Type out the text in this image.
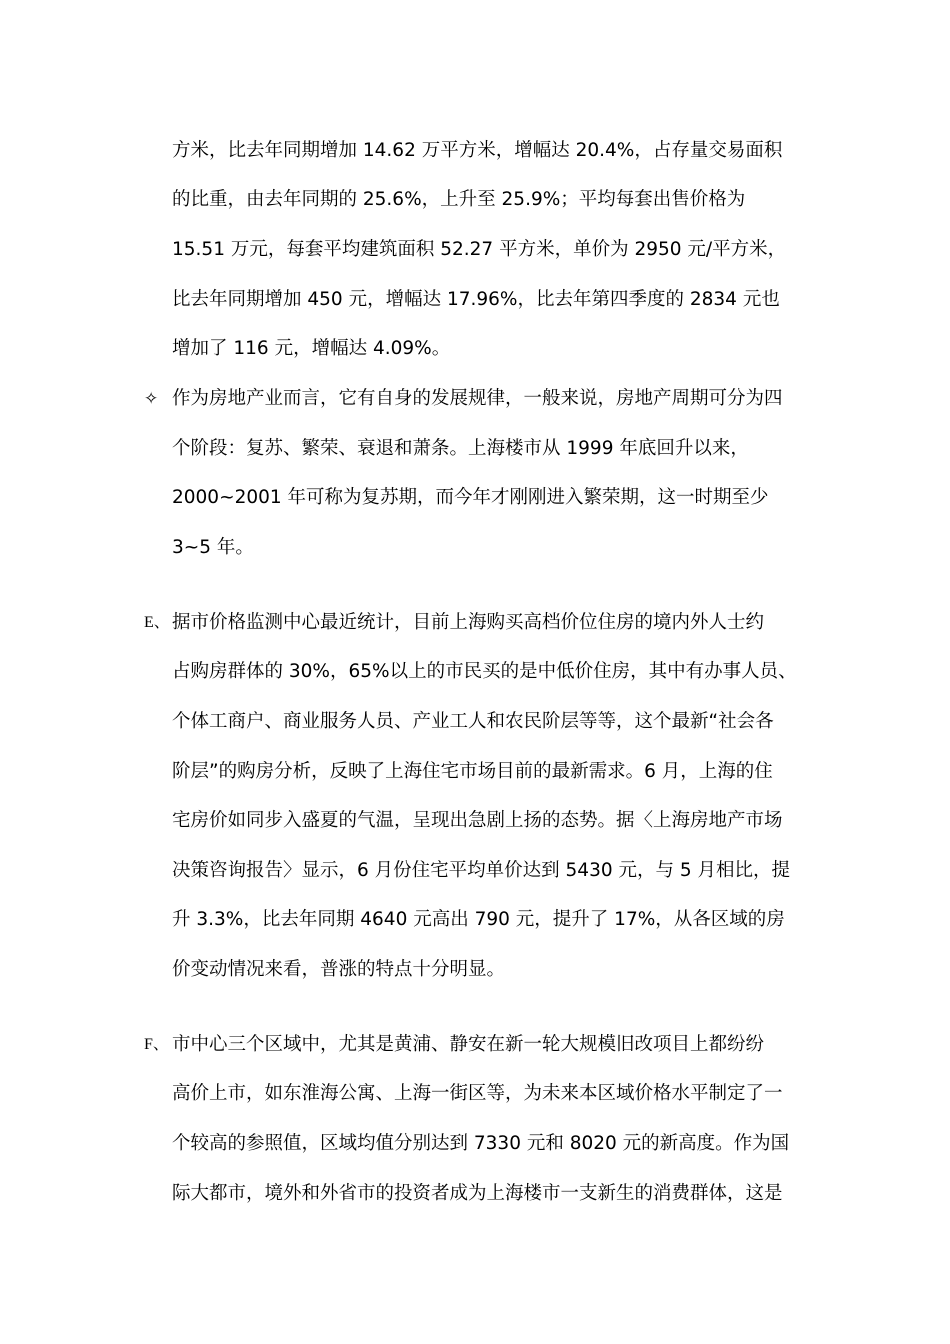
方米，比去年同期增加 14.62 万平方米，增幅达 20.4%，占存量交易面积
的比重，由去年同期的 25.6%，上升至 25.9%；平均每套出售价格为
15.51 万元，每套平均建筑面积 52.27 平方米，单价为 2950 元/平方米，
比去年同期增加 450 元，增幅达 17.96%，比去年第四季度的 2834 元也
增加了 116 元，增幅达 4.09%。
✧ 作为房地产业而言，它有自身的发展规律，一般来说，房地产周期可分为四
个阶段：复苏、繁荣、衰退和萧条。上海楼市从 1999 年底回升以来，
2000~2001 年可称为复苏期，而今年才刚刚进入繁荣期，这一时期至少
3~5 年。
E、 据市价格监测中心最近统计，目前上海购买高档价位住房的境内外人士约
占购房群体的 30%，65%以上的市民买的是中低价住房，其中有办事人员、
个体工商户、商业服务人员、产业工人和农民阶层等等，这个最新“社会各
阶层”的购房分析，反映了上海住宅市场目前的最新需求。6 月，上海的住
宅房价如同步入盛夏的气温，呈现出急剧上扬的态势。据〈上海房地产市场
决策咨询报告〉显示，6 月份住宅平均单价达到 5430 元，与 5 月相比，提
升 3.3%，比去年同期 4640 元高出 790 元，提升了 17%，从各区域的房
价变动情况来看，普涨的特点十分明显。
F、 市中心三个区域中，尤其是黄浦、静安在新一轮大规模旧改项目上都纷纷
高价上市，如东淮海公寓、上海一街区等，为未来本区域价格水平制定了一
个较高的参照值，区域均值分别达到 7330 元和 8020 元的新高度。作为国
际大都市，境外和外省市的投资者成为上海楼市一支新生的消费群体，这是
